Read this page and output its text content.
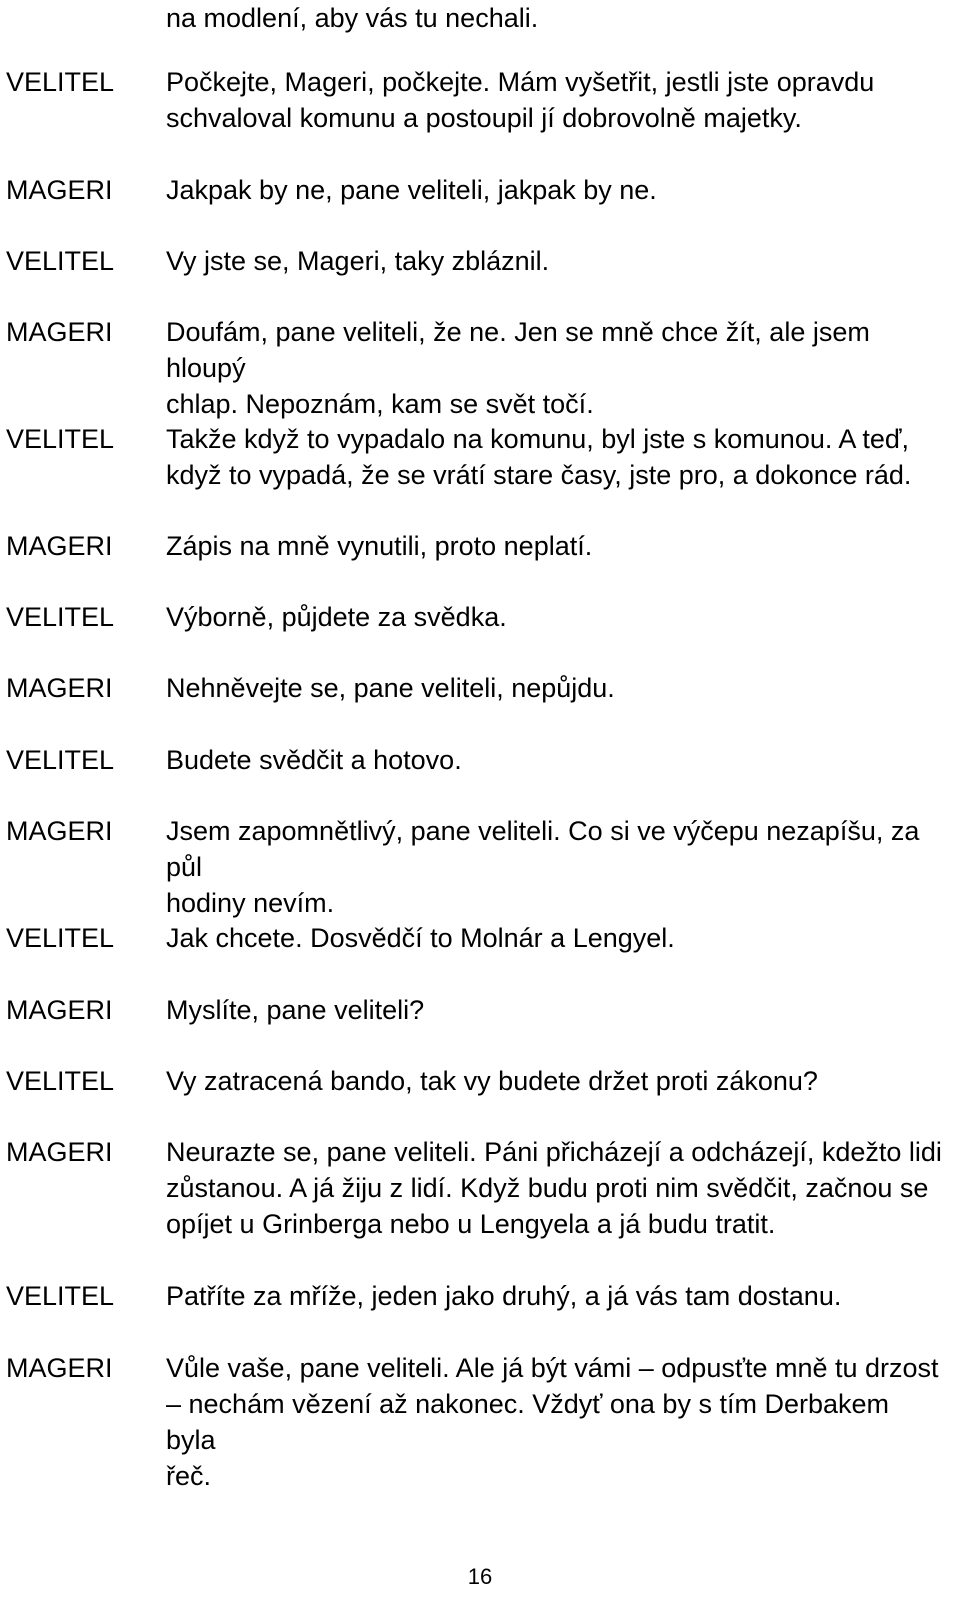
na modlení, aby vás tu nechali.
VELITEL	Počkejte, Mageri, počkejte. Mám vyšetřit, jestli jste opravdu
schvaloval komunu a postoupil jí dobrovolně majetky.
MAGERI	Jakpak by ne, pane veliteli, jakpak by ne.
VELITEL	Vy jste se, Mageri, taky zbláznil.
MAGERI	Doufám, pane veliteli, že ne. Jen se mně chce žít, ale jsem hloupý
chlap. Nepoznám, kam se svět točí.
VELITEL	Takže když to vypadalo na komunu, byl jste s komunou. A teď,
když to vypadá, že se vrátí stare časy, jste pro, a dokonce rád.
MAGERI	Zápis na mně vynutili, proto neplatí.
VELITEL	Výborně, půjdete za svědka.
MAGERI	Nehněvejte se, pane veliteli, nepůjdu.
VELITEL	Budete svědčit a hotovo.
MAGERI	Jsem zapomnětlivý, pane veliteli. Co si ve výčepu nezapíšu, za půl
hodiny nevím.
VELITEL	Jak chcete. Dosvědčí to Molnár a Lengyel.
MAGERI	Myslíte, pane veliteli?
VELITEL	Vy zatracená bando, tak vy budete držet proti zákonu?
MAGERI	Neurazte se, pane veliteli. Páni přicházejí a odcházejí, kdežto lidi
zůstanou. A já žiju z lidí. Když budu proti nim svědčit, začnou se
opíjet u Grinberga nebo u Lengyela a já budu tratit.
VELITEL	Patříte za mříže, jeden jako druhý, a já vás tam dostanu.
MAGERI	Vůle vaše, pane veliteli. Ale já být vámi – odpusťte mně tu drzost
– nechám vězení až nakonec. Vždyť ona by s tím Derbakem byla
řeč.
16
